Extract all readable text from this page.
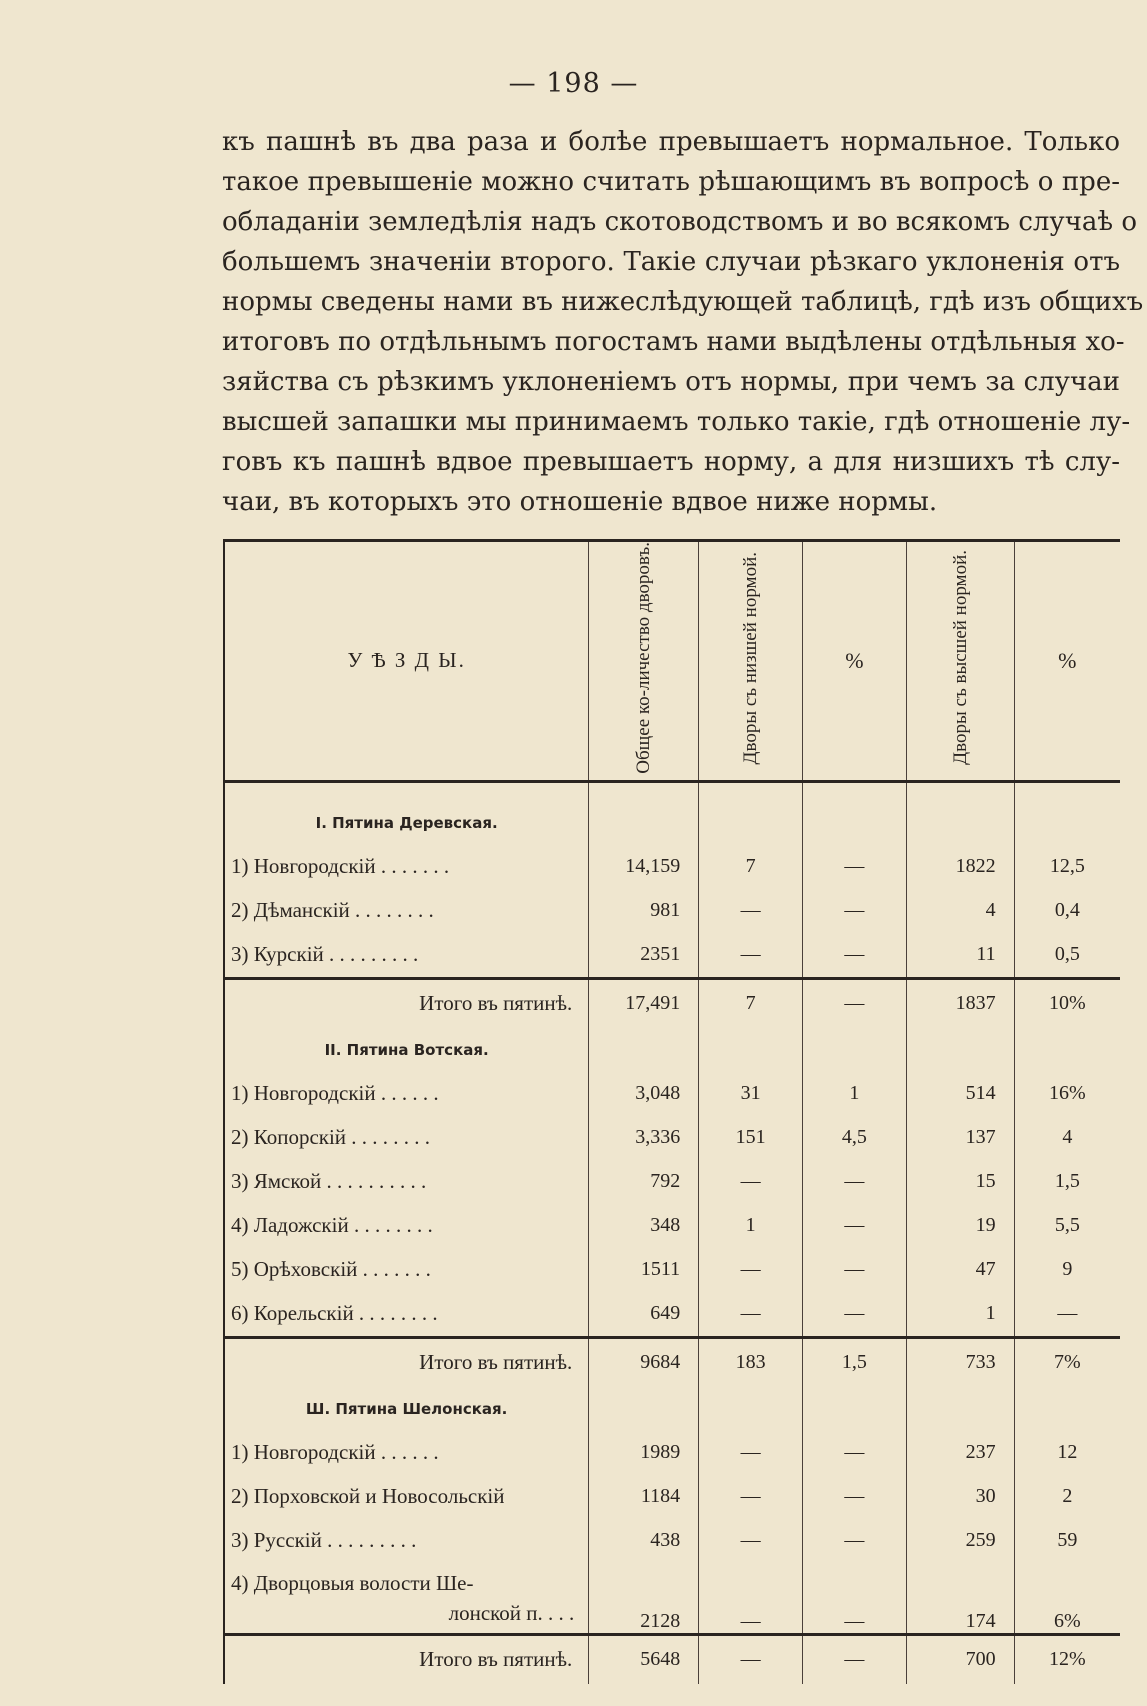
— 198 —
къ пашнѣ въ два раза и болѣе превышаетъ нормальное. Только
такое превышеніе можно считать рѣшающимъ въ вопросѣ о пре-
обладаніи земледѣлія надъ скотоводствомъ и во всякомъ случаѣ о
большемъ значеніи второго. Такіе случаи рѣзкаго уклоненія отъ
нормы сведены нами въ нижеслѣдующей таблицѣ, гдѣ изъ общихъ
итоговъ по отдѣльнымъ погостамъ нами выдѣлены отдѣльныя хо-
зяйства съ рѣзкимъ уклоненіемъ отъ нормы, при чемъ за случаи
высшей запашки мы принимаемъ только такіе, гдѣ отношеніе лу-
говъ къ пашнѣ вдвое превышаетъ норму, а для низшихъ тѣ слу-
чаи, въ которыхъ это отношеніе вдвое ниже нормы.
У Ѣ З Д Ы.	Общее ко-личество дворовъ.	Дворы съ низшей нормой.	%	Дворы съ высшей нормой.	%

I. Пятина Деревская.					
1) Новгородскій . . . . . . .	14,159	7	—	1822	12,5
2) Дѣманскій . . . . . . . .	981	—	—	4	0,4
3) Курскій . . . . . . . . .	2351	—	—	11	0,5
Итого въ пятинѣ.	17,491	7	—	1837	10%
II. Пятина Вотская.					
1) Новгородскій . . . . . .	3,048	31	1	514	16%
2) Копорскій . . . . . . . .	3,336	151	4,5	137	4
3) Ямской . . . . . . . . . .	792	—	—	15	1,5
4) Ладожскій . . . . . . . .	348	1	—	19	5,5
5) Орѣховскій . . . . . . .	1511	—	—	47	9
6) Корельскій . . . . . . . .	649	—	—	1	—
Итого въ пятинѣ.	9684	183	1,5	733	7%
Ш. Пятина Шелонская.					
1) Новгородскій . . . . . .	1989	—	—	237	12
2) Порховской и Новосольскій	1184	—	—	30	2
3) Русскій . . . . . . . . .	438	—	—	259	59

4) Дворцовыя волости Ше-
лонской п. . . .	2128	—	—	174	6%
Итого въ пятинѣ.	5648	—	—	700	12%
